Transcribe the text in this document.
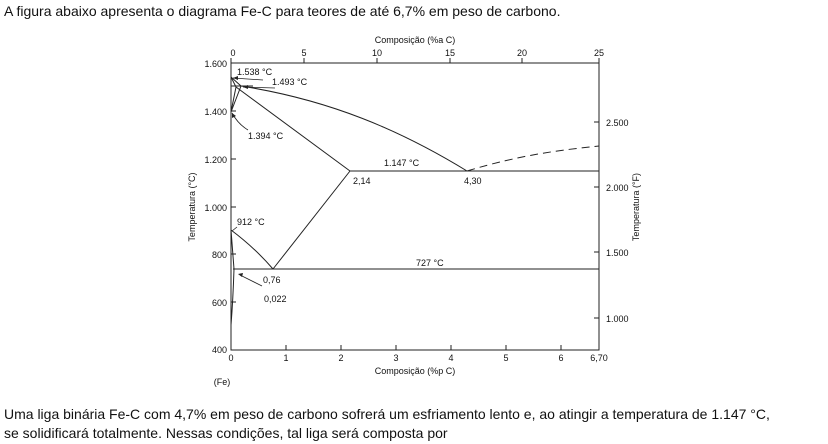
A figura abaixo apresenta o diagrama Fe-C para teores de até 6,7% em peso de carbono.
0	5	10	15	20	25
Composição (%a C)
0	1	2	3	4	5	6	6,70
Composição (%p C)
(Fe)
1.600
1.400
1.200
1.000
800
600
400
Temperatura (°C)
2.500
2.000
1.500
1.000
Temperatura (°F)
1.538 °C
1.493 °C
1.394 °C
1.147 °C
2,14	4,30
912 °C
727 °C
0,76
0,022
Uma liga binária Fe-C com 4,7% em peso de carbono sofrerá um esfriamento lento e, ao atingir a temperatura de 1.147 °C,
se solidificará totalmente. Nessas condições, tal liga será composta por
